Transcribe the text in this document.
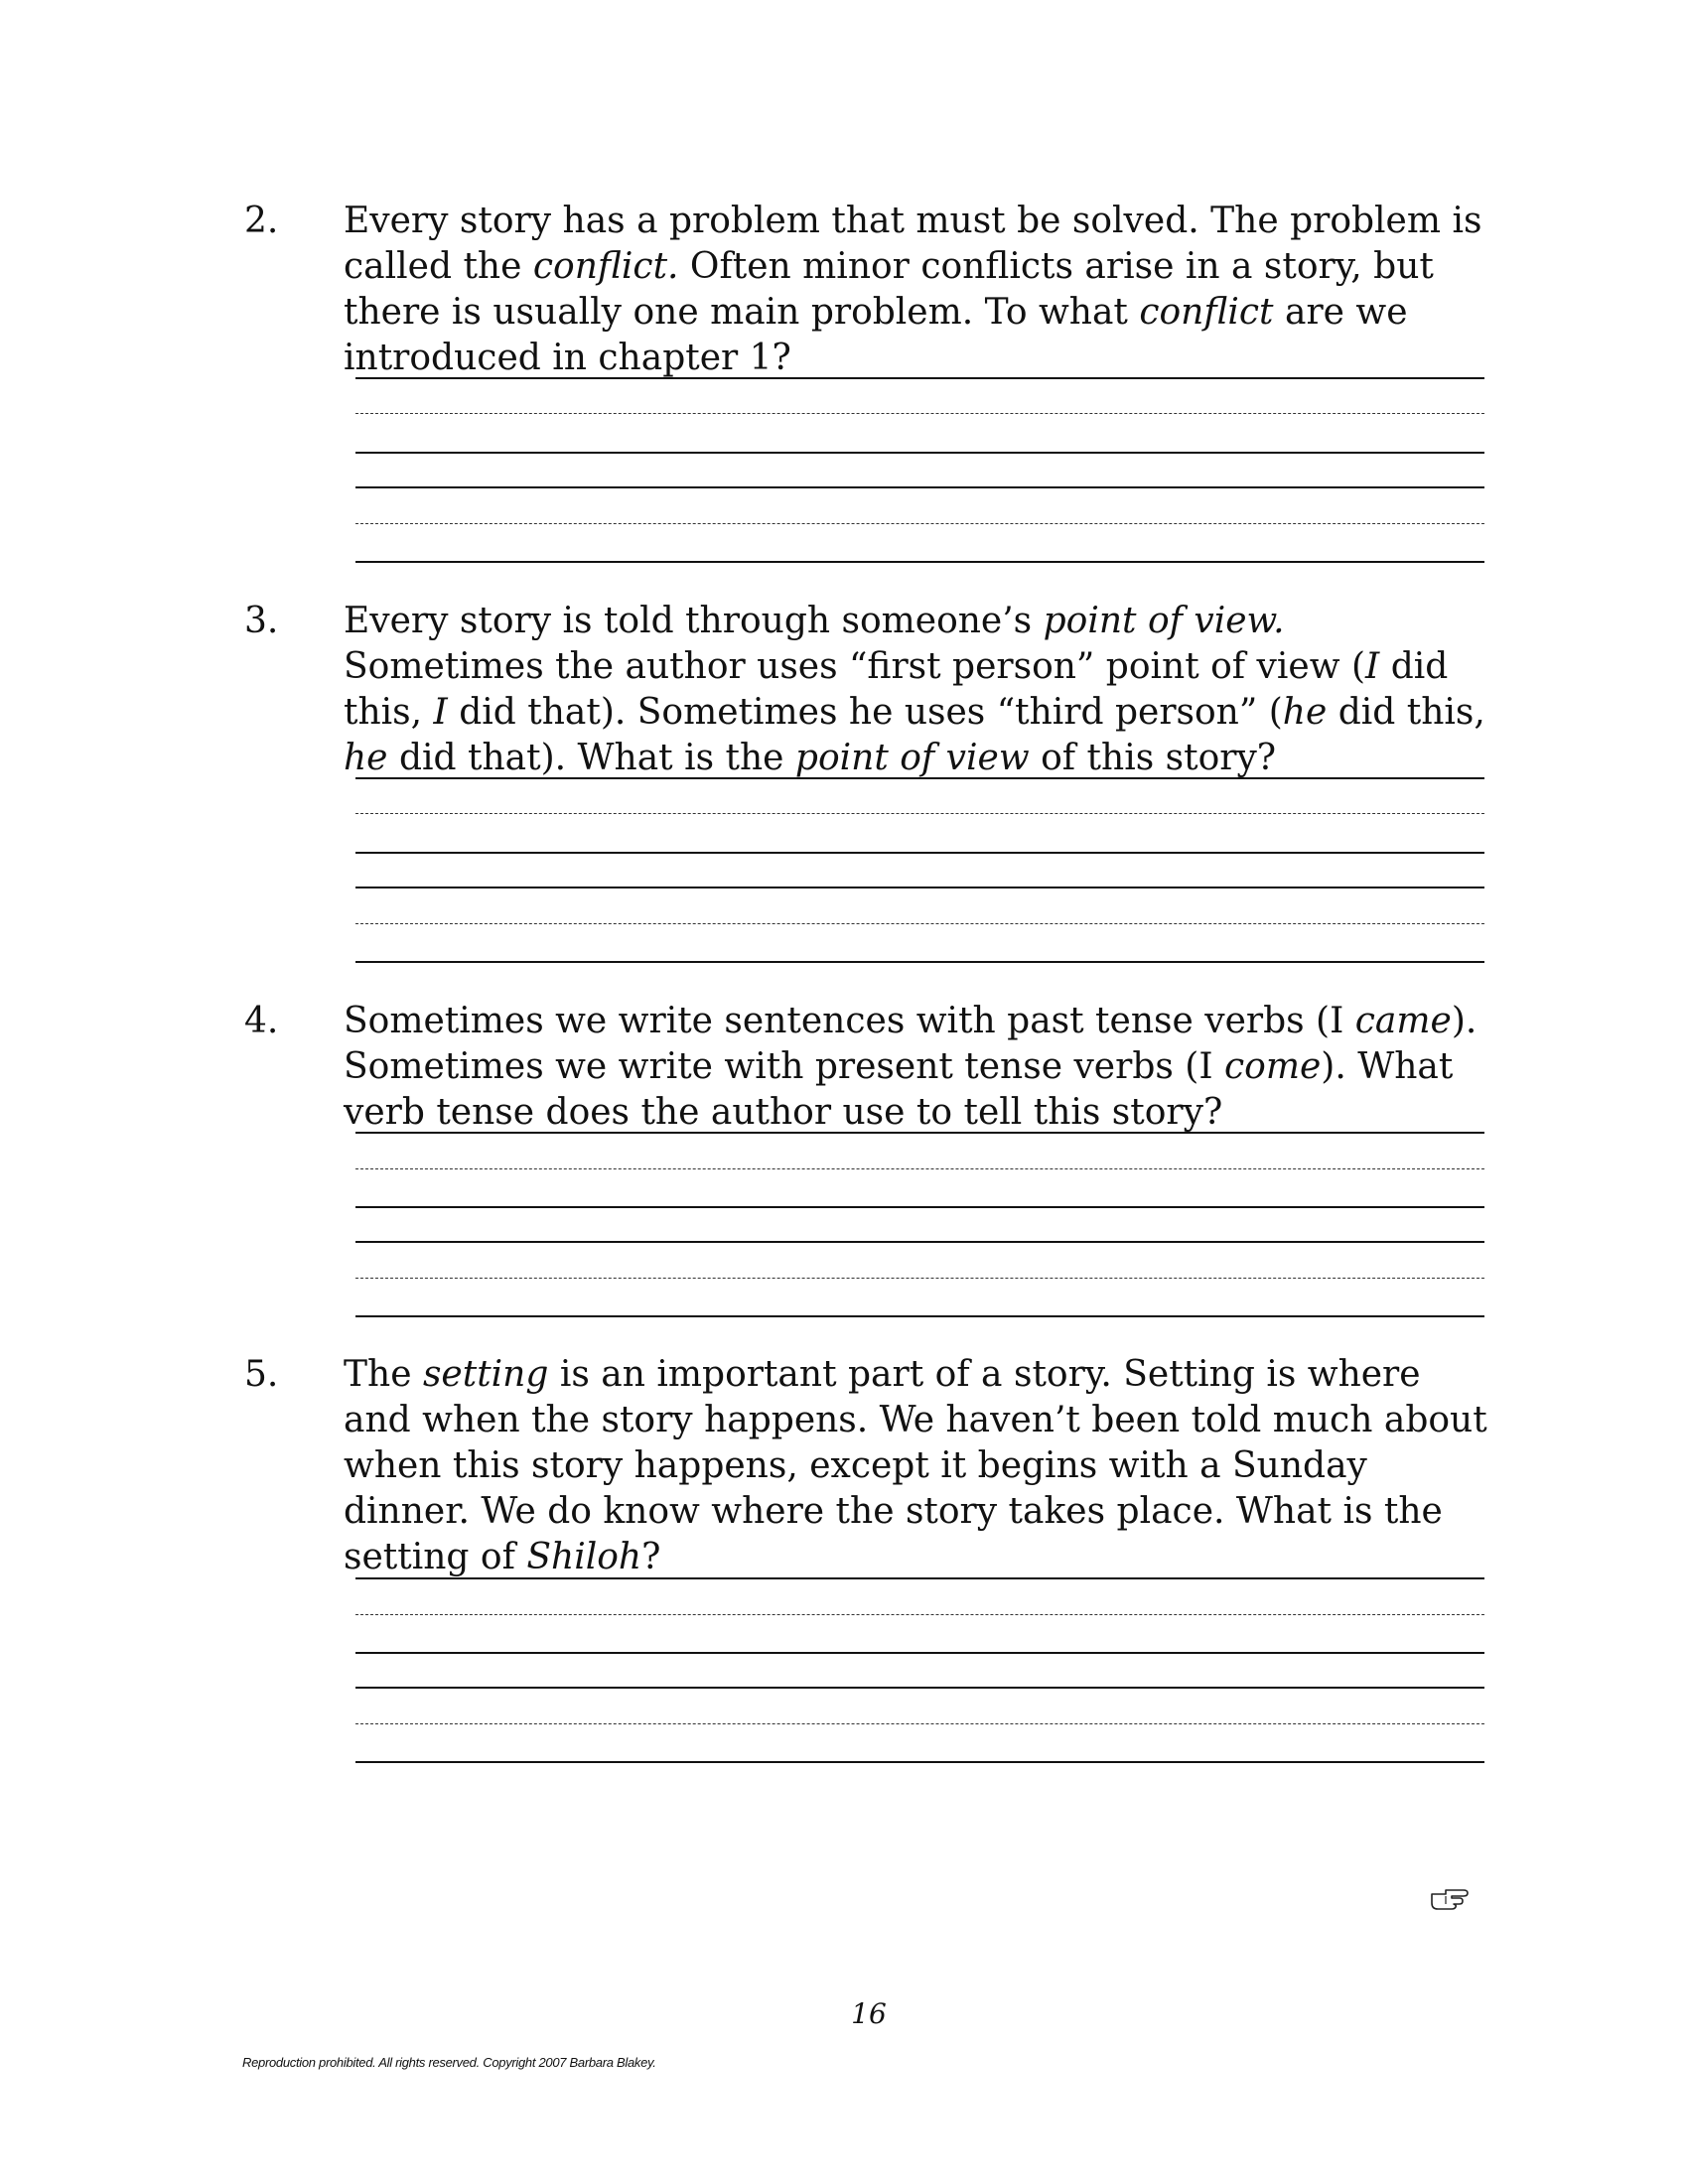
2. Every story has a problem that must be solved. The problem is called the conflict. Often minor conflicts arise in a story, but there is usually one main problem. To what conflict are we introduced in chapter 1?

3. Every story is told through someone’s point of view. Sometimes the author uses “first person” point of view (I did this, I did that). Sometimes he uses “third person” (he did this, he did that). What is the point of view of this story?

4. Sometimes we write sentences with past tense verbs (I came). Sometimes we write with present tense verbs (I come). What verb tense does the author use to tell this story?

5. The setting is an important part of a story. Setting is where and when the story happens. We haven’t been told much about when this story happens, except it begins with a Sunday dinner. We do know where the story takes place. What is the setting of Shiloh?

16
Reproduction prohibited. All rights reserved. Copyright 2007 Barbara Blakey.
